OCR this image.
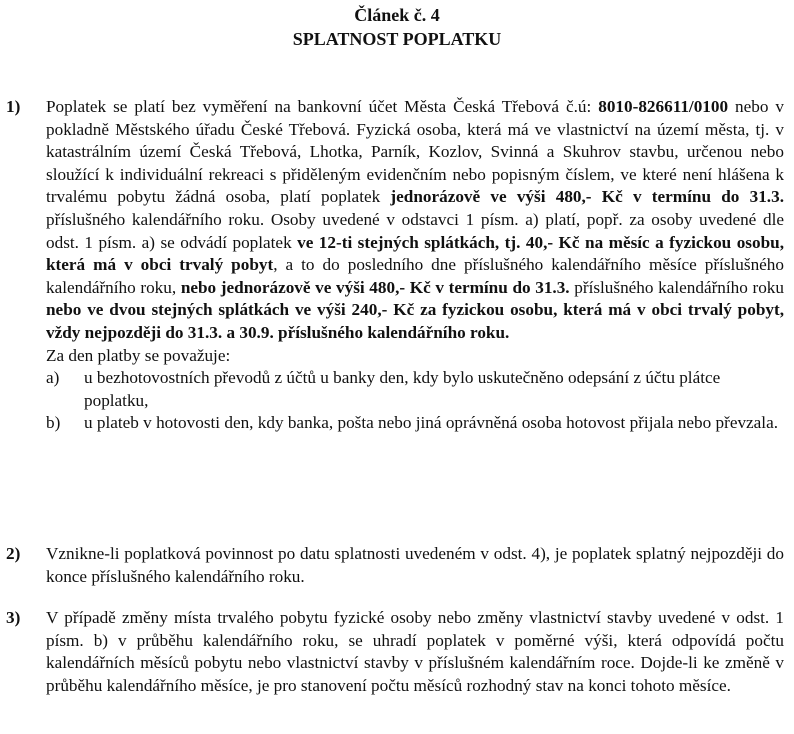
Článek č. 4
SPLATNOST POPLATKU
1)	Poplatek se platí bez vyměření na bankovní účet Města Česká Třebová č.ú: 8010-826611/0100 nebo v pokladně Městského úřadu České Třebová. Fyzická osoba, která má ve vlastnictví na území města, tj. v katastrálním území Česká Třebová, Lhotka, Parník, Kozlov, Svinná a Skuhrov stavbu, určenou nebo sloužící k individuální rekreaci s přiděleným evidenčním nebo popisným číslem, ve které není hlášena k trvalému pobytu žádná osoba, platí poplatek jednorázově ve výši 480,- Kč v termínu do 31.3. příslušného kalendářního roku. Osoby uvedené v odstavci 1 písm. a) platí, popř. za osoby uvedené dle odst. 1 písm. a) se odvádí poplatek ve 12-ti stejných splátkách, tj. 40,- Kč na měsíc a fyzickou osobu, která má v obci trvalý pobyt, a to do posledního dne příslušného kalendářního měsíce příslušného kalendářního roku, nebo jednorázově ve výši 480,- Kč v termínu do 31.3. příslušného kalendářního roku nebo ve dvou stejných splátkách ve výši 240,- Kč za fyzickou osobu, která má v obci trvalý pobyt, vždy nejpozději do 31.3. a 30.9. příslušného kalendářního roku.
Za den platby se považuje:
a) u bezhotovostních převodů z účtů u banky den, kdy bylo uskutečněno odepsání z účtu plátce poplatku,
b) u plateb v hotovosti den, kdy banka, pošta nebo jiná oprávněná osoba hotovost přijala nebo převzala.
2)	Vznikne-li poplatková povinnost po datu splatnosti uvedeném v odst. 4), je poplatek splatný nejpozději do konce příslušného kalendářního roku.
3)	V případě změny místa trvalého pobytu fyzické osoby nebo změny vlastnictví stavby uvedené v odst. 1 písm. b) v průběhu kalendářního roku, se uhradí poplatek v poměrné výši, která odpovídá počtu kalendářních měsíců pobytu nebo vlastnictví stavby v příslušném kalendářním roce. Dojde-li ke změně v průběhu kalendářního měsíce, je pro stanovení počtu měsíců rozhodný stav na konci tohoto měsíce.
